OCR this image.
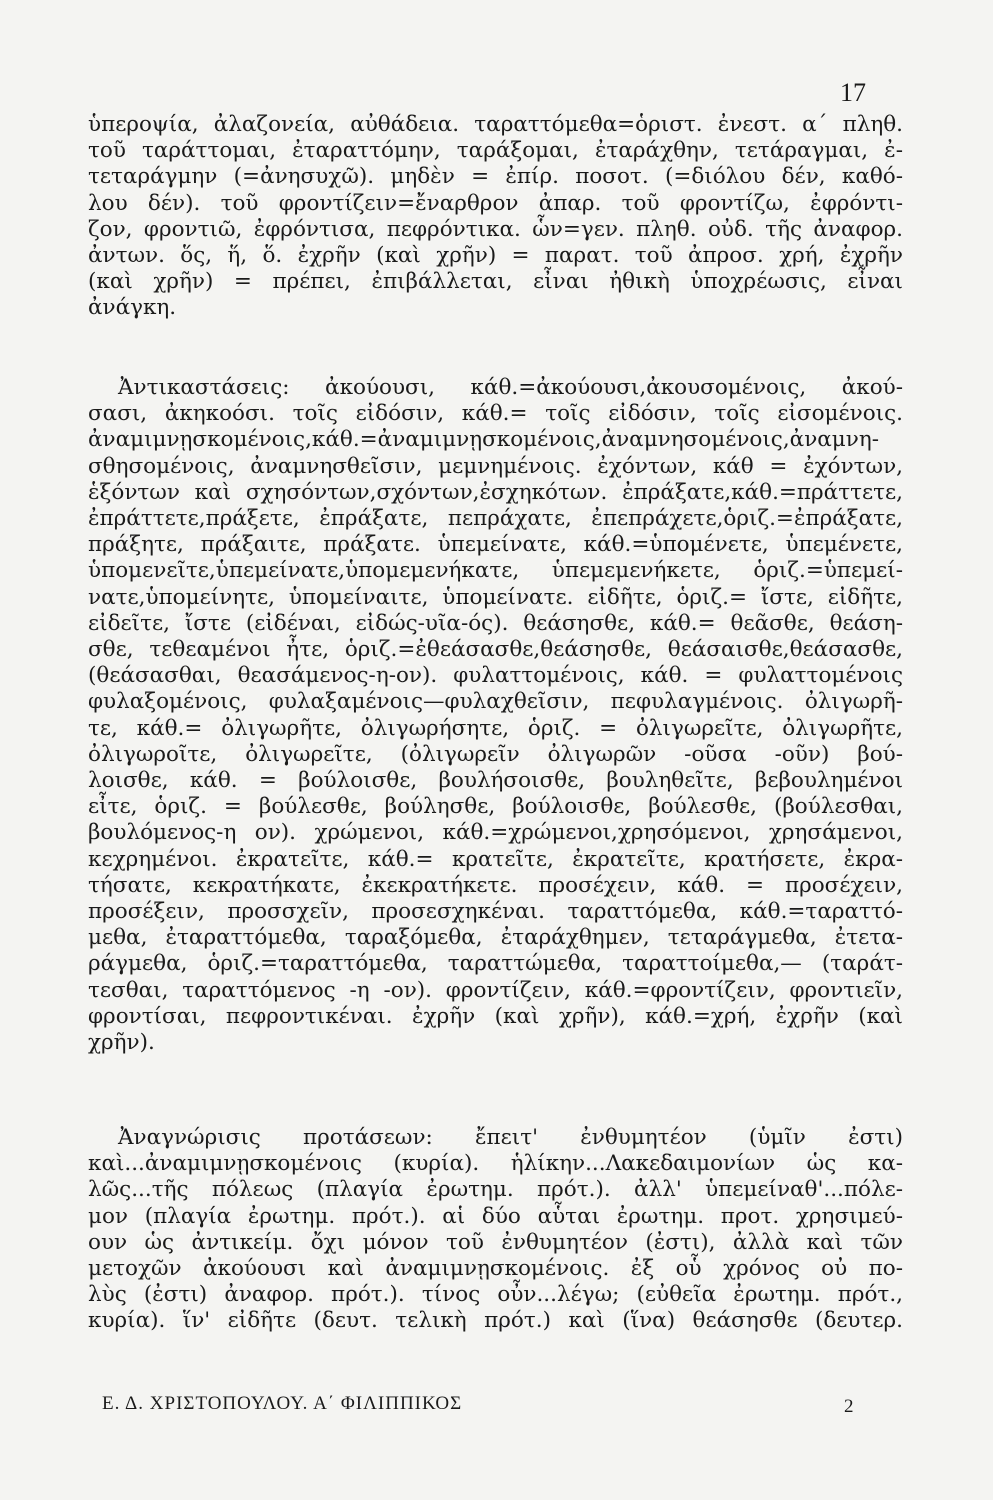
17

ὑπεροψία, ἀλαζονεία, αὐθάδεια. ταραττόμεθα=ὁριστ. ἐνεστ. α΄ πληθ.

τοῦ ταράττομαι, ἐταραττόμην, ταράξομαι, ἐταράχθην, τετάραγμαι, ἐ-

τεταράγμην (=ἀνησυχῶ). μηδὲν = ἐπίρ. ποσοτ. (=διόλου δέν, καθό-

λου δέν). τοῦ φροντίζειν=ἔναρθρον ἀπαρ. τοῦ φροντίζω, ἐφρόντι-

ζον, φροντιῶ, ἐφρόντισα, πεφρόντικα. ὧν=γεν. πληθ. οὐδ. τῆς ἀναφορ.

ἀντων. ὅς, ἥ, ὅ. ἐχρῆν (καὶ χρῆν) = παρατ. τοῦ ἀπροσ. χρή, ἐχρῆν

(καὶ χρῆν) = πρέπει, ἐπιβάλλεται, εἶναι ἠθικὴ ὑποχρέωσις, εἶναι

ἀνάγκη.

Ἀντικαστάσεις: ἀκούουσι, κάθ.=ἀκούουσι,ἀκουσομένοις, ἀκού-

σασι, ἀκηκοόσι. τοῖς εἰδόσιν, κάθ.= τοῖς εἰδόσιν, τοῖς εἰσομένοις.

ἀναμιμνῃσκομένοις,κάθ.=ἀναμιμνῃσκομένοις,ἀναμνησομένοις,ἀναμνη-

σθησομένοις, ἀναμνησθεῖσιν, μεμνημένοις. ἐχόντων, κάθ = ἐχόντων,

ἑξόντων καὶ σχησόντων,σχόντων,ἐσχηκότων. ἐπράξατε,κάθ.=πράττετε,

ἐπράττετε,πράξετε, ἐπράξατε, πεπράχατε, ἐπεπράχετε,ὁριζ.=ἐπράξατε,

πράξητε, πράξαιτε, πράξατε. ὑπεμείνατε, κάθ.=ὑπομένετε, ὑπεμένετε,

ὑπομενεῖτε,ὑπεμείνατε,ὑπομεμενήκατε, ὑπεμεμενήκετε, ὁριζ.=ὑπεμεί-

νατε,ὑπομείνητε, ὑπομείναιτε, ὑπομείνατε. εἰδῆτε, ὁριζ.= ἴστε, εἰδῆτε,

εἰδεῖτε, ἴστε (εἰδέναι, εἰδώς-υῖα-ός). θεάσησθε, κάθ.= θεᾶσθε, θεάση-

σθε, τεθεαμένοι ἦτε, ὁριζ.=ἐθεάσασθε,θεάσησθε, θεάσαισθε,θεάσασθε,

(θεάσασθαι, θεασάμενος-η-ον). φυλαττομένοις, κάθ. = φυλαττομένοις

φυλαξομένοις, φυλαξαμένοις—φυλαχθεῖσιν, πεφυλαγμένοις. ὀλιγωρῆ-

τε, κάθ.= ὀλιγωρῆτε, ὀλιγωρήσητε, ὁριζ. = ὀλιγωρεῖτε, ὀλιγωρῆτε,

ὀλιγωροῖτε, ὀλιγωρεῖτε, (ὀλιγωρεῖν ὀλιγωρῶν -οῦσα -οῦν) βού-

λοισθε, κάθ. = βούλοισθε, βουλήσοισθε, βουληθεῖτε, βεβουλημένοι

εἶτε, ὁριζ. = βούλεσθε, βούλησθε, βούλοισθε, βούλεσθε, (βούλεσθαι,

βουλόμενος-η ον). χρώμενοι, κάθ.=χρώμενοι,χρησόμενοι, χρησάμενοι,

κεχρημένοι. ἐκρατεῖτε, κάθ.= κρατεῖτε, ἐκρατεῖτε, κρατήσετε, ἐκρα-

τήσατε, κεκρατήκατε, ἐκεκρατήκετε. προσέχειν, κάθ. = προσέχειν,

προσέξειν, προσσχεῖν, προσεσχηκέναι. ταραττόμεθα, κάθ.=ταραττό-

μεθα, ἐταραττόμεθα, ταραξόμεθα, ἐταράχθημεν, τεταράγμεθα, ἐτετα-

ράγμεθα, ὁριζ.=ταραττόμεθα, ταραττώμεθα, ταραττοίμεθα,— (ταράτ-

τεσθαι, ταραττόμενος -η -ον). φροντίζειν, κάθ.=φροντίζειν, φροντιεῖν,

φροντίσαι, πεφροντικέναι. ἐχρῆν (καὶ χρῆν), κάθ.=χρή, ἐχρῆν (καὶ

χρῆν).

Ἀναγνώρισις προτάσεων: ἔπειτ' ἐνθυμητέον (ὑμῖν ἐστι)

καὶ...ἀναμιμνῃσκομένοις (κυρία). ἡλίκην...Λακεδαιμονίων ὡς κα-

λῶς...τῆς πόλεως (πλαγία ἐρωτημ. πρότ.). ἀλλ' ὑπεμείναθ'...πόλε-

μον (πλαγία ἐρωτημ. πρότ.). αἱ δύο αὗται ἐρωτημ. προτ. χρησιμεύ-

ουν ὡς ἀντικείμ. ὄχι μόνον τοῦ ἐνθυμητέον (ἐστι), ἀλλὰ καὶ τῶν

μετοχῶν ἀκούουσι καὶ ἀναμιμνῃσκομένοις. ἐξ οὗ χρόνος οὐ πο-

λὺς (ἐστι) ἀναφορ. πρότ.). τίνος οὖν...λέγω; (εὐθεῖα ἐρωτημ. πρότ.,

κυρία). ἵν' εἰδῆτε (δευτ. τελικὴ πρότ.) καὶ (ἵνα) θεάσησθε (δευτερ.

Ε. Δ. ΧΡΙΣΤΟΠΟΥΛΟΥ. Α΄ ΦΙΛΙΠΠΙΚΟΣ	2
